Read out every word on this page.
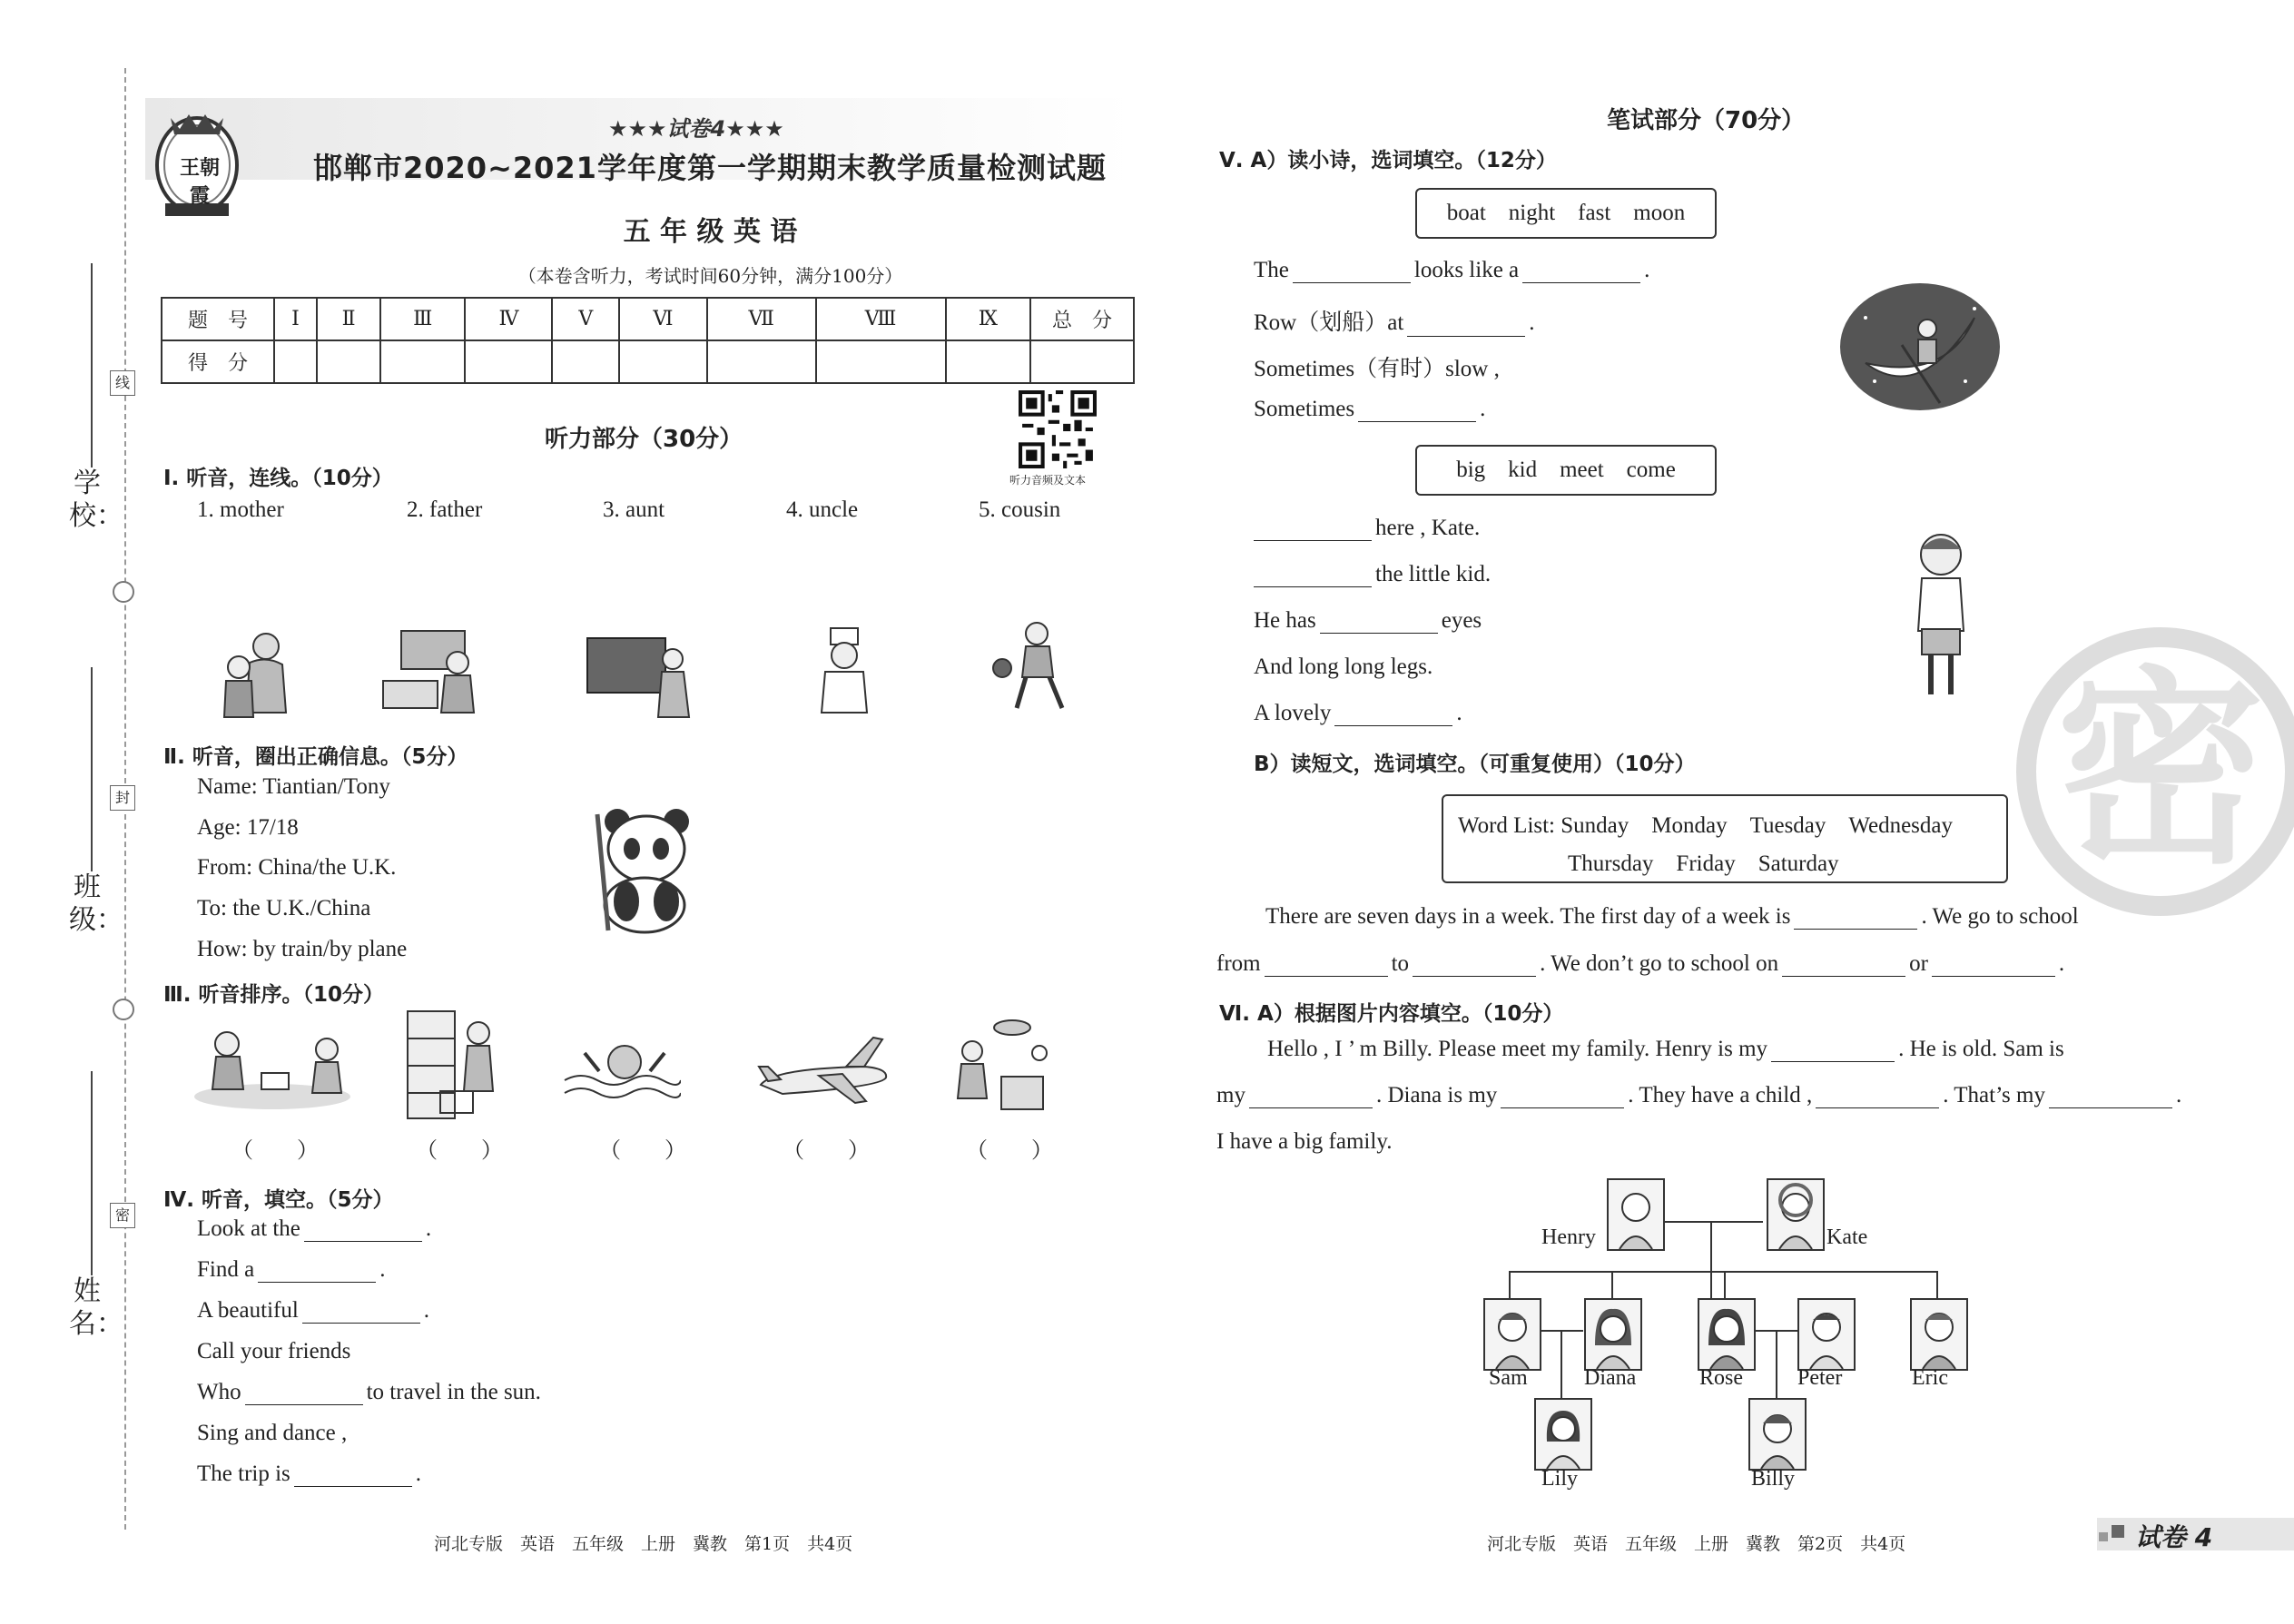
学校：
班级：
姓名：
线
封
密
王朝霞
★★★试卷4★★★
邯郸市2020~2021学年度第一学期期末教学质量检测试题
五 年 级 英 语
（本卷含听力，考试时间60分钟，满分100分）
题　号	Ⅰ	Ⅱ	Ⅲ	Ⅳ	Ⅴ	Ⅵ	Ⅶ	Ⅷ	Ⅸ	总　分
得　分										
听力音频及文本
听力部分（30分）
Ⅰ. 听音，连线。（10分）
1. mother	2. father	3. aunt	4. uncle	5. cousin
Ⅱ. 听音，圈出正确信息。（5分）
Name: Tiantian/Tony
Age: 17/18
From: China/the U.K.
To: the U.K./China
How: by train/by plane
Ⅲ. 听音排序。（10分）
（　　）	（　　）	（　　）	（　　）	（　　）
Ⅳ. 听音，填空。（5分）
Look at the	.
Find a	.
A beautiful	.
Call your friends
Who	to travel in the sun.
Sing and dance ,
The trip is	.
河北专版　英语　五年级　上册　冀教　第1页　共4页
笔试部分（70分）
密
Ⅴ. A）读小诗，选词填空。（12分）
boat　night　fast　moon
The	looks like a	.
Row（划船）at	.
Sometimes（有时）slow ,
Sometimes	.
big　kid　meet　come
here , Kate.
the little kid.
He has	eyes
And long long legs.
A lovely	.
B）读短文，选词填空。（可重复使用）（10分）
Word List: Sunday　Monday　Tuesday　Wednesday
Thursday　Friday　Saturday
There are seven days in a week. The first day of a week is	. We go to school
from	to	. We don’t go to school on	or	.
Ⅵ. A）根据图片内容填空。（10分）
Hello , I ’ m Billy. Please meet my family. Henry is my	. He is old. Sam is
my	. Diana is my	. They have a child ,	. That’s my	.
I have a big family.
Henry	Kate
Sam	Diana	Rose	Peter	Eric
Lily	Billy
河北专版　英语　五年级　上册　冀教　第2页　共4页	试卷 4
